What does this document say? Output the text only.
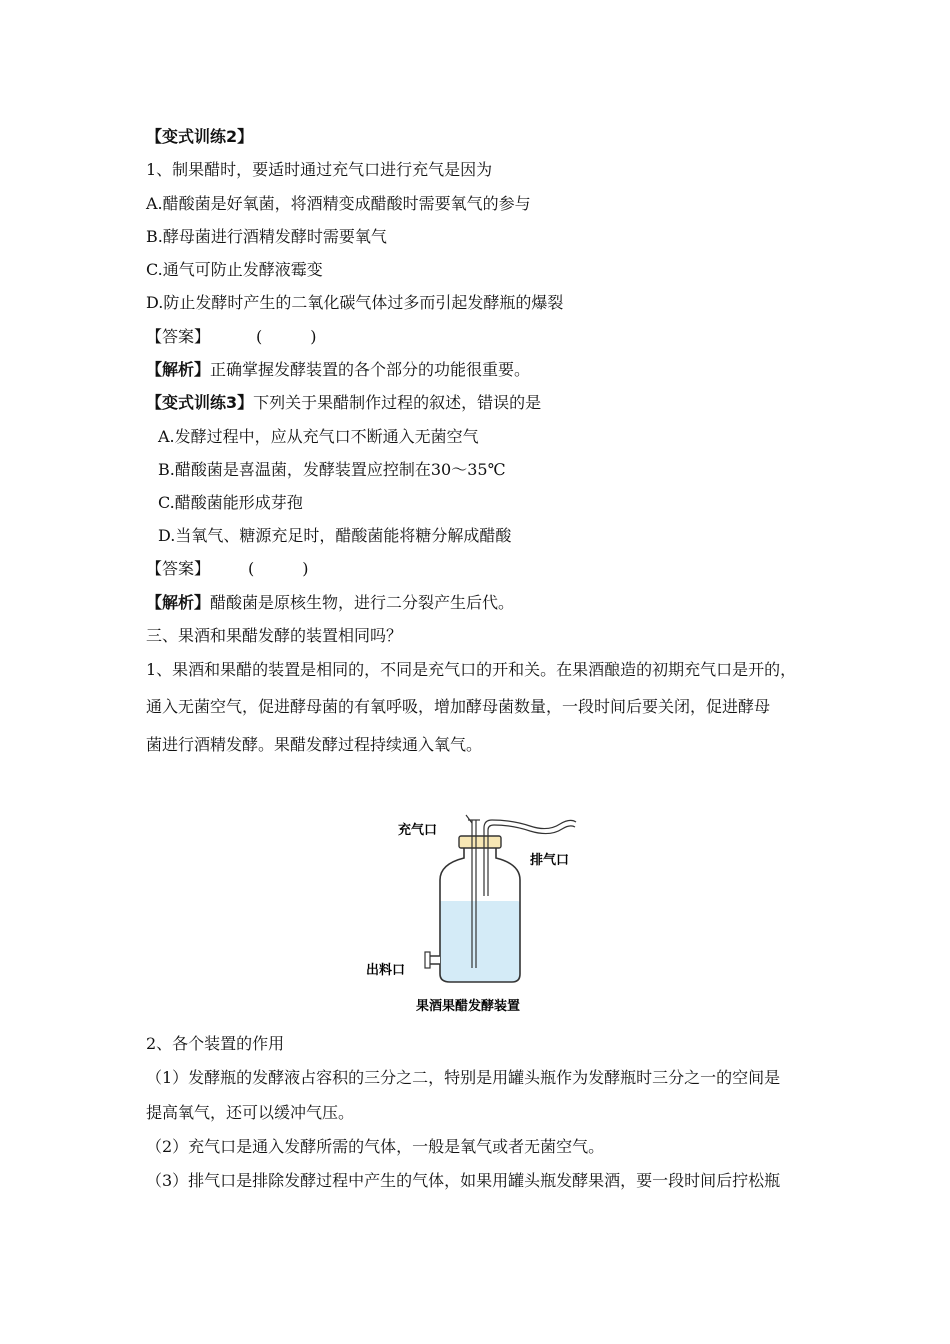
【变式训练2】
1、制果醋时，要适时通过充气口进行充气是因为
A.醋酸菌是好氧菌，将酒精变成醋酸时需要氧气的参与
B.酵母菌进行酒精发酵时需要氧气
C.通气可防止发酵液霉变
D.防止发酵时产生的二氧化碳气体过多而引起发酵瓶的爆裂
【答案】	(　　　)
【解析】正确掌握发酵装置的各个部分的功能很重要。
【变式训练3】下列关于果醋制作过程的叙述，错误的是
A.发酵过程中，应从充气口不断通入无菌空气
B.醋酸菌是喜温菌，发酵装置应控制在30～35℃
C.醋酸菌能形成芽孢
D.当氧气、糖源充足时，醋酸菌能将糖分解成醋酸
【答案】 (　　　)
【解析】醋酸菌是原核生物，进行二分裂产生后代。
三、果酒和果醋发酵的装置相同吗？
1、果酒和果醋的装置是相同的，不同是充气口的开和关。在果酒酿造的初期充气口是开的，
通入无菌空气，促进酵母菌的有氧呼吸，增加酵母菌数量，一段时间后要关闭，促进酵母
菌进行酒精发酵。果醋发酵过程持续通入氧气。
充气口
排气口
出料口
果酒果醋发酵装置
2、各个装置的作用
（1）发酵瓶的发酵液占容积的三分之二，特别是用罐头瓶作为发酵瓶时三分之一的空间是
提高氧气，还可以缓冲气压。
（2）充气口是通入发酵所需的气体，一般是氧气或者无菌空气。
（3）排气口是排除发酵过程中产生的气体，如果用罐头瓶发酵果酒，要一段时间后拧松瓶
